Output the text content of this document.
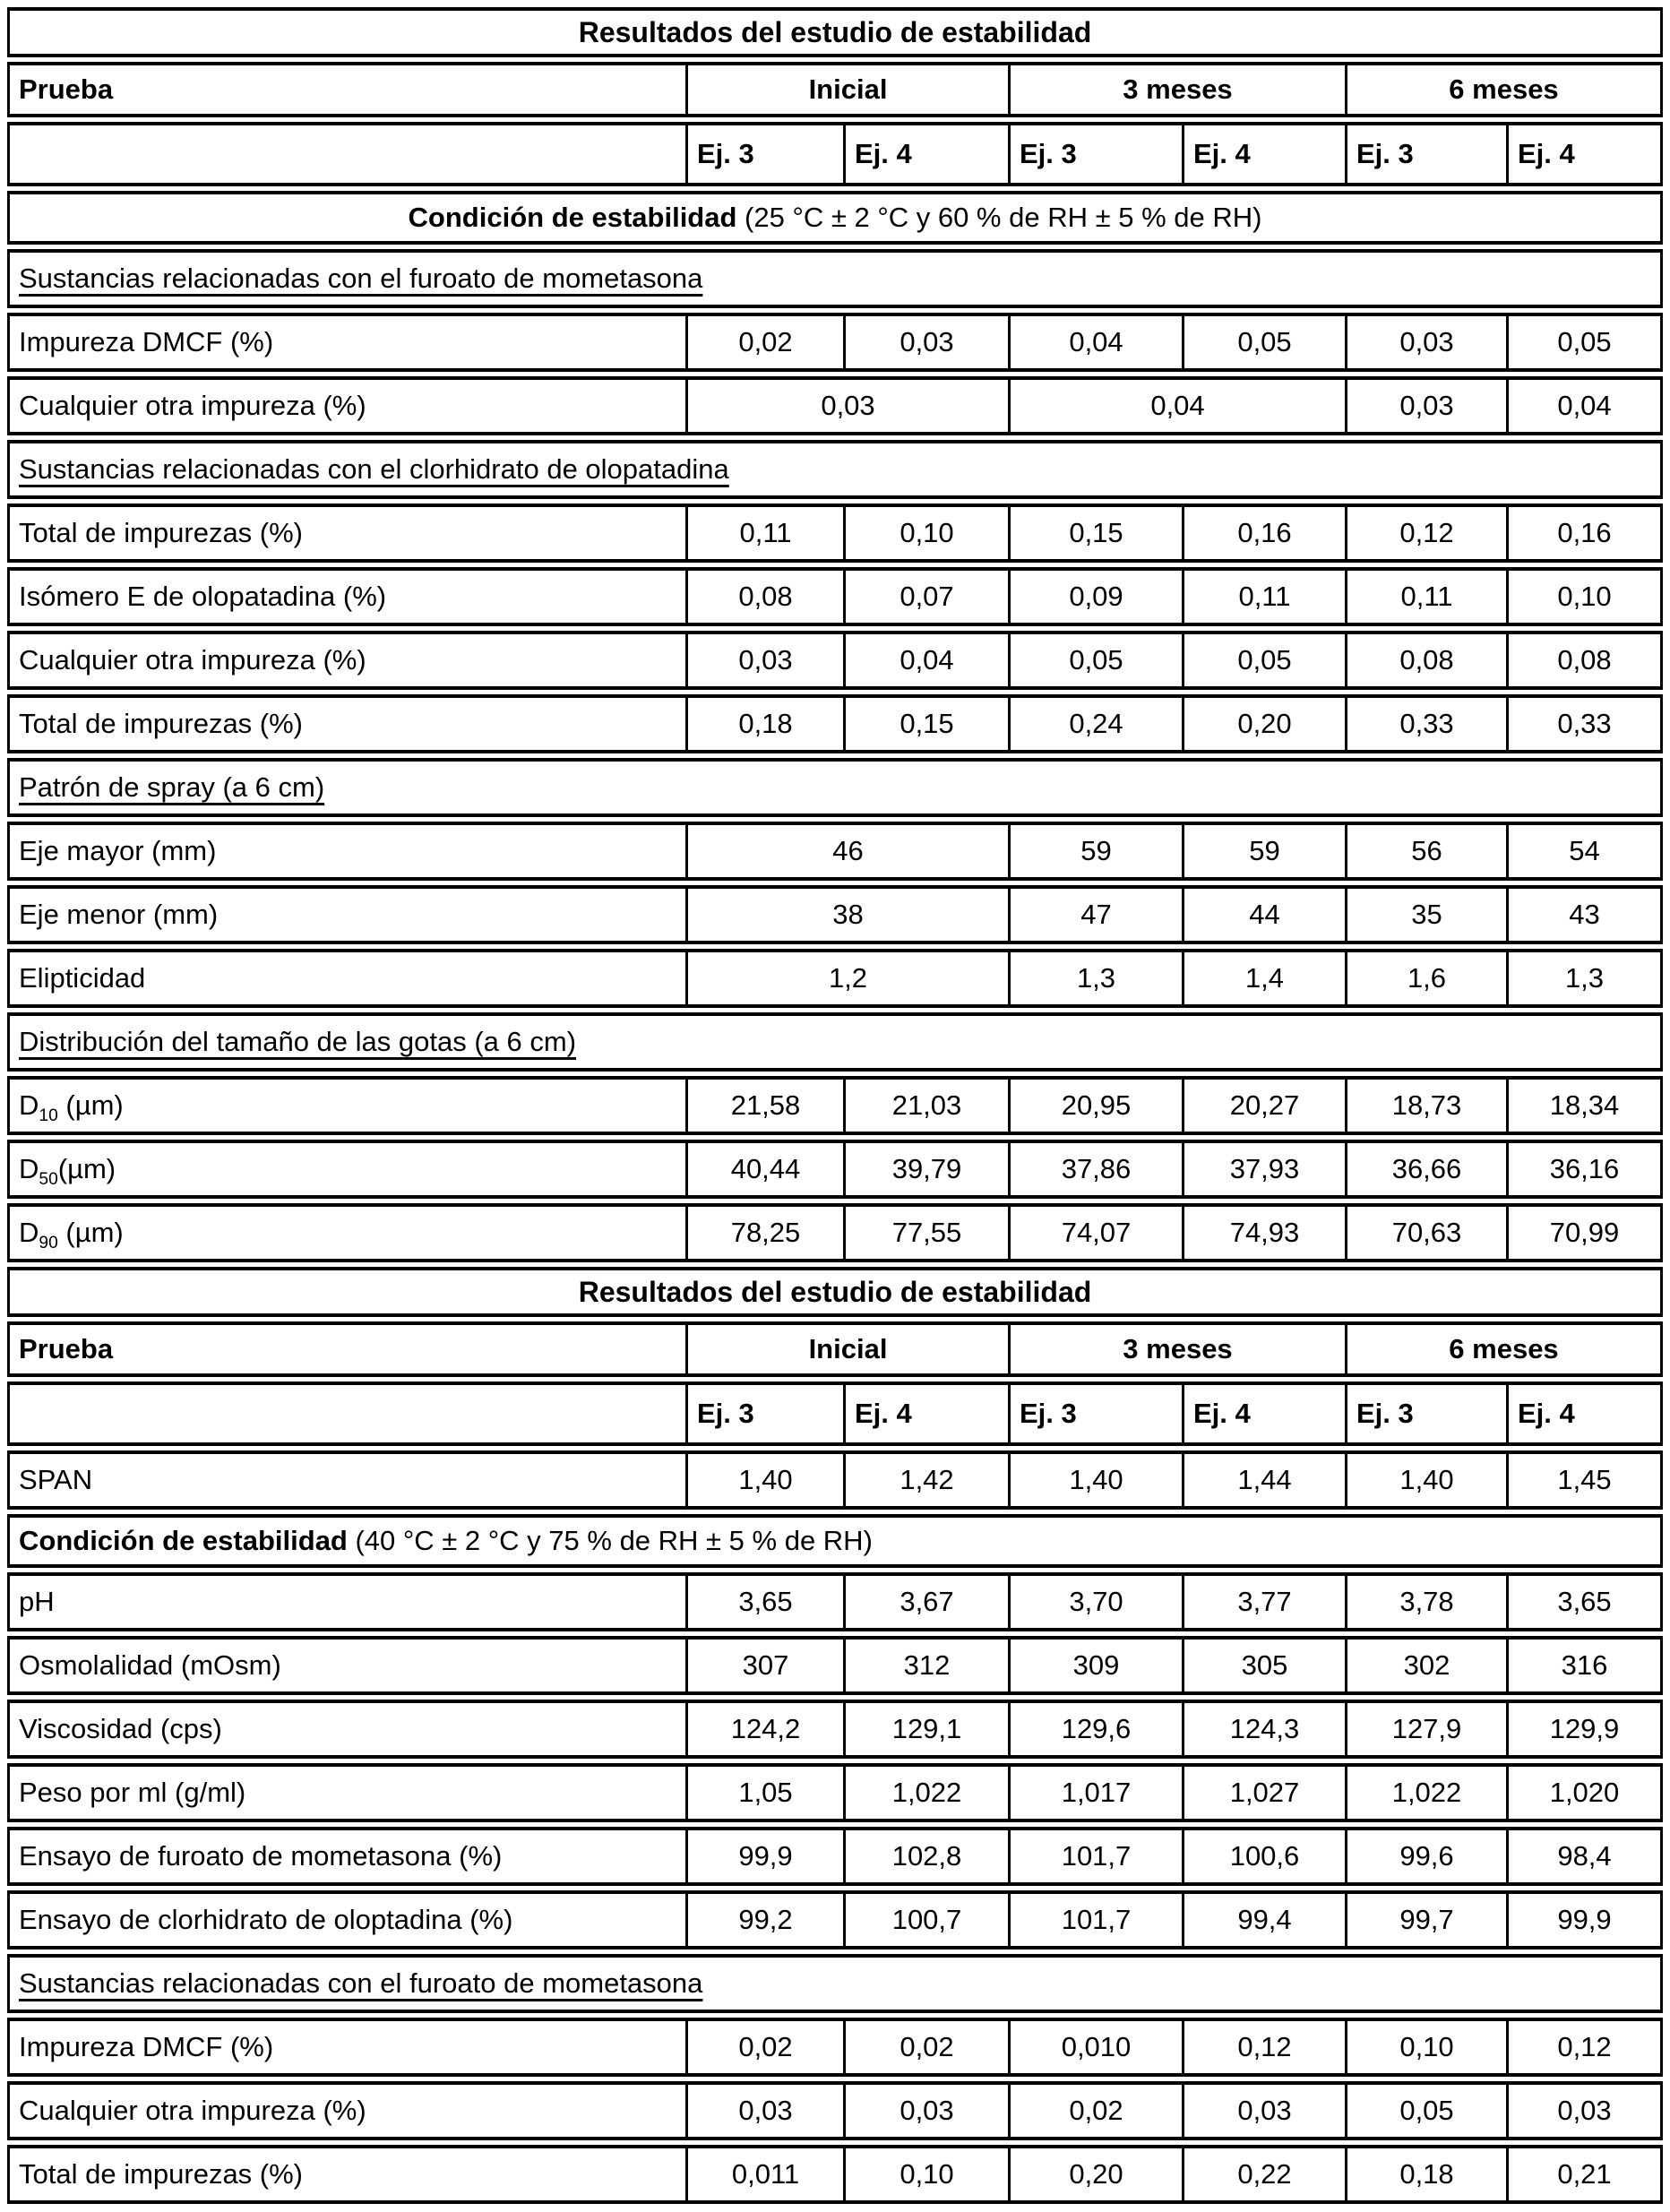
Resultados del estudio de estabilidad						
Prueba	Inicial		3 meses		6 meses	
	Ej. 3	Ej. 4	Ej. 3	Ej. 4	Ej. 3	Ej. 4
Condición de estabilidad (25 °C ± 2 °C y 60 % de RH ± 5 % de RH)						
Sustancias relacionadas con el furoato de mometasona						
Impureza DMCF (%)	0,02	0,03	0,04	0,05	0,03	0,05
Cualquier otra impureza (%)	0,03		0,04		0,03	0,04
Sustancias relacionadas con el clorhidrato de olopatadina						
Total de impurezas (%)	0,11	0,10	0,15	0,16	0,12	0,16
Isómero E de olopatadina (%)	0,08	0,07	0,09	0,11	0,11	0,10
Cualquier otra impureza (%)	0,03	0,04	0,05	0,05	0,08	0,08
Total de impurezas (%)	0,18	0,15	0,24	0,20	0,33	0,33
Patrón de spray (a 6 cm)						
Eje mayor (mm)	46		59	59	56	54
Eje menor (mm)	38		47	44	35	43
Elipticidad	1,2		1,3	1,4	1,6	1,3
Distribución del tamaño de las gotas (a 6 cm)						
$D_{10}$ (µm)	21,58	21,03	20,95	20,27	18,73	18,34
$D_{50}(\mu m)$	40,44	39,79	37,86	37,93	36,66	36,16
$D_{90}$ (µm)	78,25	77,55	74,07	74,93	70,63	70,99
Resultados del estudio de estabilidad						
Prueba	Inicial		3 meses		6 meses	
	Ej. 3	Ej. 4	Ej. 3	Ej. 4	Ej. 3	Ej. 4
SPAN	1,40	1,42	1,40	1,44	1,40	1,45
Condición de estabilidad (40 °C ± 2 °C y 75 % de RH ± 5 % de RH)						
pH	3,65	3,67	3,70	3,77	3,78	3,65
Osmolalidad (mOsm)	307	312	309	305	302	316
Viscosidad (cps)	124,2	129,1	129,6	124,3	127,9	129,9
Peso por ml (g/ml)	1,05	1,022	1,017	1,027	1,022	1,020
Ensayo de furoato de mometasona (%)	99,9	102,8	101,7	100,6	99,6	98,4
Ensayo de clorhidrato de oloptadina (%)	99,2	100,7	101,7	99,4	99,7	99,9
Sustancias relacionadas con el furoato de mometasona						
Impureza DMCF (%)	0,02	0,02	0,010	0,12	0,10	0,12
Cualquier otra impureza (%)	0,03	0,03	0,02	0,03	0,05	0,03
Total de impurezas (%)	0,011	0,10	0,20	0,22	0,18	0,21
